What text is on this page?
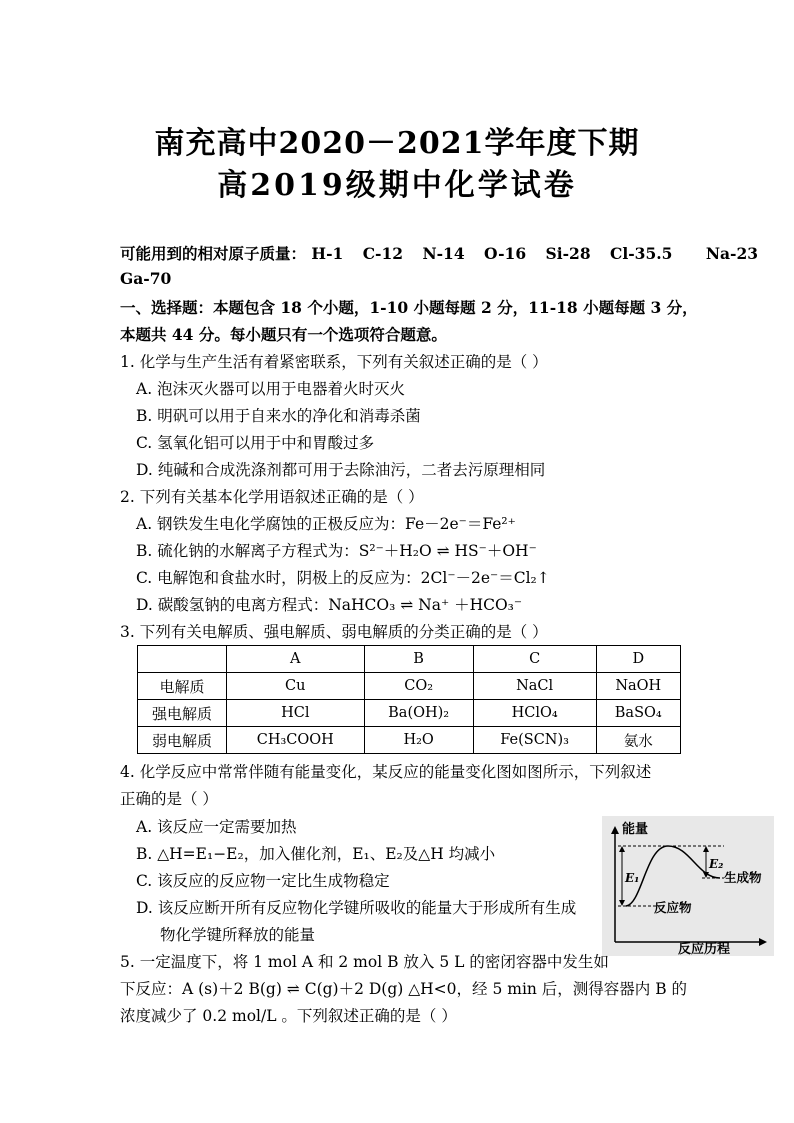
南充高中2020－2021学年度下期
高2019级期中化学试卷
可能用到的相对原子质量： H-1 C-12 N-14 O-16 Si-28 Cl-35.5 Na-23
Ga-70
一、选择题：本题包含 18 个小题，1-10 小题每题 2 分，11-18 小题每题 3 分，
本题共 44 分。每小题只有一个选项符合题意。
1. 化学与生产生活有着紧密联系，下列有关叙述正确的是（ ）
A. 泡沫灭火器可以用于电器着火时灭火
B. 明矾可以用于自来水的净化和消毒杀菌
C. 氢氧化铝可以用于中和胃酸过多
D. 纯碱和合成洗涤剂都可用于去除油污，二者去污原理相同
2. 下列有关基本化学用语叙述正确的是（ ）
A. 钢铁发生电化学腐蚀的正极反应为：Fe－2e⁻＝Fe²⁺
B. 硫化钠的水解离子方程式为：S²⁻＋H₂O ⇌ HS⁻＋OH⁻
C. 电解饱和食盐水时，阴极上的反应为：2Cl⁻－2e⁻＝Cl₂↑
D. 碳酸氢钠的电离方程式：NaHCO₃ ⇌ Na⁺ ＋HCO₃⁻
3. 下列有关电解质、强电解质、弱电解质的分类正确的是（ ）
	A	B	C	D
电解质	Cu	CO₂	NaCl	NaOH
强电解质	HCl	Ba(OH)₂	HClO₄	BaSO₄
弱电解质	CH₃COOH	H₂O	Fe(SCN)₃	氨水
4. 化学反应中常常伴随有能量变化，某反应的能量变化图如图所示，下列叙述
正确的是（ ）
A. 该反应一定需要加热
B. △H=E₁−E₂，加入催化剂，E₁、E₂及△H 均减小
C. 该反应的反应物一定比生成物稳定
D. 该反应断开所有反应物化学键所吸收的能量大于形成所有生成
物化学键所释放的能量
能量
反应历程
E₁
E₂
生成物
反应物
5. 一定温度下，将 1 mol A 和 2 mol B 放入 5 L 的密闭容器中发生如
下反应：A (s)＋2 B(g) ⇌ C(g)＋2 D(g) △H<0，经 5 min 后，测得容器内 B 的
浓度减少了 0.2 mol/L 。下列叙述正确的是（ ）
